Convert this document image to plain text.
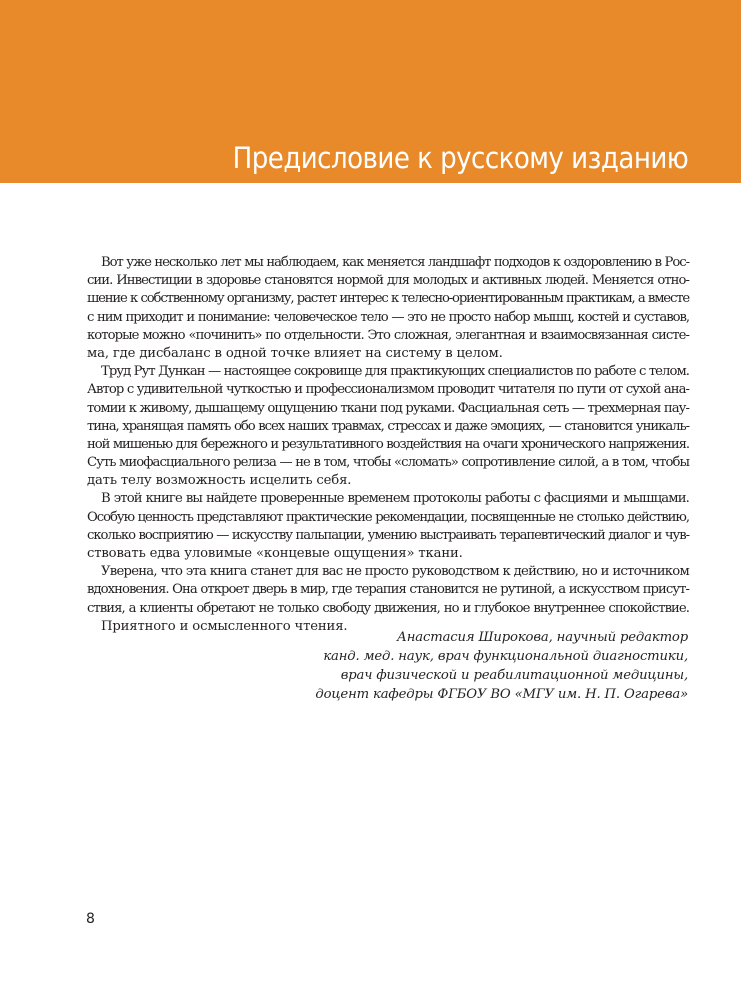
Предисловие к русскому изданию
Вот уже несколько лет мы наблюдаем, как меняется ландшафт подходов к оздоровлению в Рос-
сии. Инвестиции в здоровье становятся нормой для молодых и активных людей. Меняется отно-
шение к собственному организму, растет интерес к телесно-ориентированным практикам, а вместе
с ним приходит и понимание: человеческое тело — это не просто набор мышц, костей и суставов,
которые можно «починить» по отдельности. Это сложная, элегантная и взаимосвязанная систе-
ма, где дисбаланс в одной точке влияет на систему в целом.
Труд Рут Дункан — настоящее сокровище для практикующих специалистов по работе с телом.
Автор с удивительной чуткостью и профессионализмом проводит читателя по пути от сухой ана-
томии к живому, дышащему ощущению ткани под руками. Фасциальная сеть — трехмерная пау-
тина, хранящая память обо всех наших травмах, стрессах и даже эмоциях, — становится уникаль-
ной мишенью для бережного и результативного воздействия на очаги хронического напряжения.
Суть миофасциального релиза — не в том, чтобы «сломать» сопротивление силой, а в том, чтобы
дать телу возможность исцелить себя.
В этой книге вы найдете проверенные временем протоколы работы с фасциями и мышцами.
Особую ценность представляют практические рекомендации, посвященные не столько действию,
сколько восприятию — искусству пальпации, умению выстраивать терапевтический диалог и чув-
ствовать едва уловимые «концевые ощущения» ткани.
Уверена, что эта книга станет для вас не просто руководством к действию, но и источником
вдохновения. Она откроет дверь в мир, где терапия становится не рутиной, а искусством присут-
ствия, а клиенты обретают не только свободу движения, но и глубокое внутреннее спокойствие.
Приятного и осмысленного чтения.
Анастасия Широкова, научный редактор
канд. мед. наук, врач функциональной диагностики,
врач физической и реабилитационной медицины,
доцент кафедры ФГБОУ ВО «МГУ им. Н. П. Огарева»
8
